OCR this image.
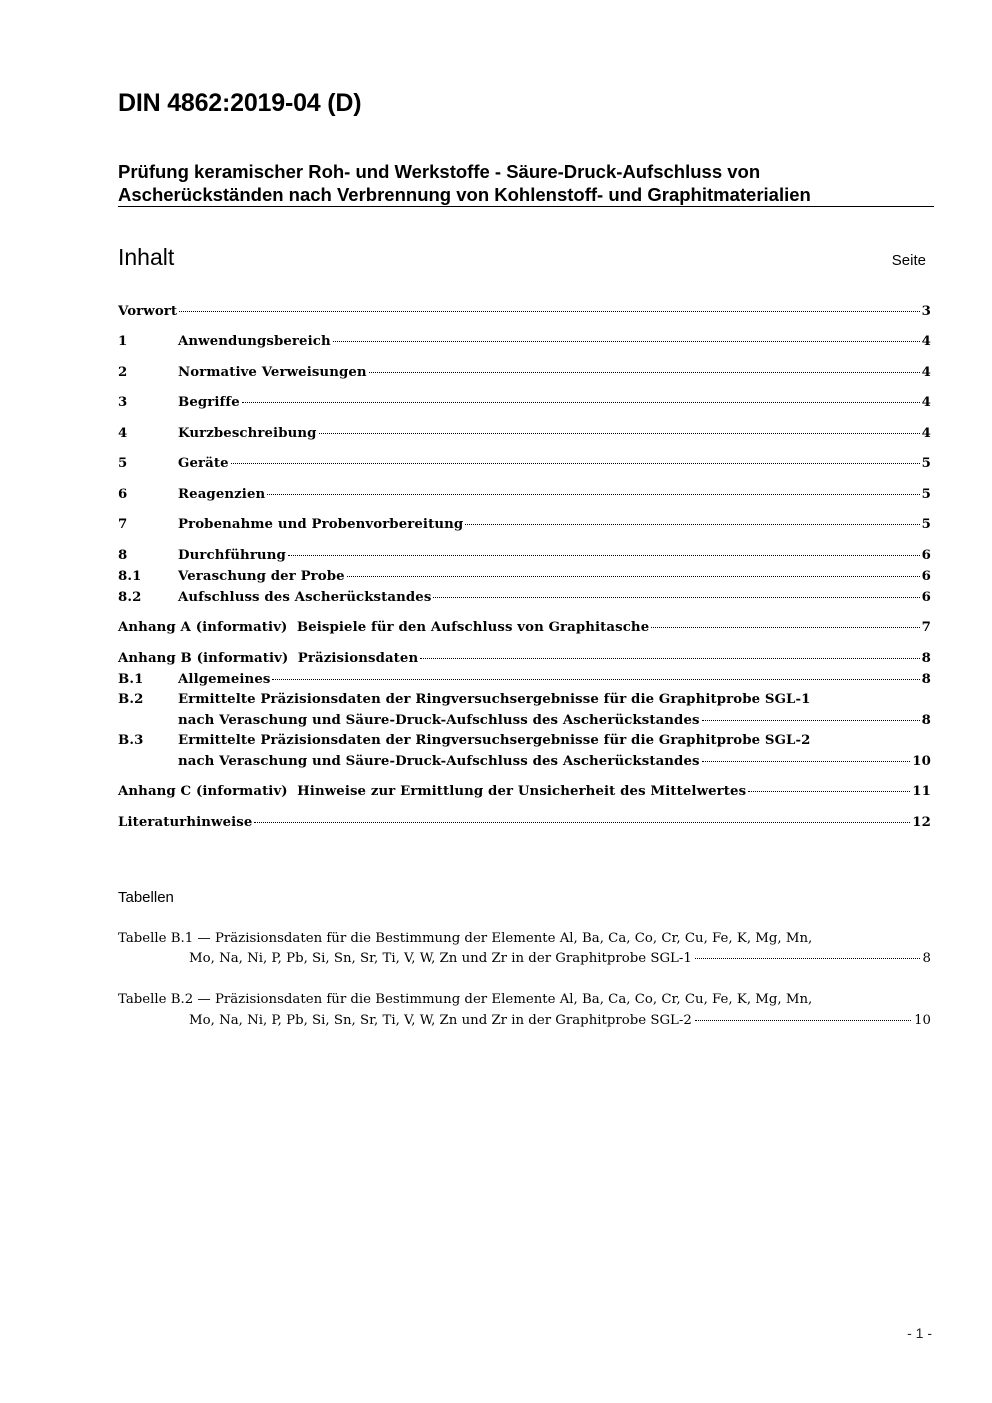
DIN 4862:2019-04 (D)
Prüfung keramischer Roh- und Werkstoffe - Säure-Druck-Aufschluss von
Ascherückständen nach Verbrennung von Kohlenstoff- und Graphitmaterialien
Inhalt	Seite
Vorwort	3
1	Anwendungsbereich	4
2	Normative Verweisungen	4
3	Begriffe	4
4	Kurzbeschreibung	4
5	Geräte	5
6	Reagenzien	5
7	Probenahme und Probenvorbereitung	5
8	Durchführung	6
8.1	Veraschung der Probe	6
8.2	Aufschluss des Ascherückstandes	6
Anhang A (informativ)  Beispiele für den Aufschluss von Graphitasche	7
Anhang B (informativ)  Präzisionsdaten	8
B.1	Allgemeines	8
B.2	Ermittelte Präzisionsdaten der Ringversuchsergebnisse für die Graphitprobe SGL-1
nach Veraschung und Säure-Druck-Aufschluss des Ascherückstandes	8
B.3	Ermittelte Präzisionsdaten der Ringversuchsergebnisse für die Graphitprobe SGL-2
nach Veraschung und Säure-Druck-Aufschluss des Ascherückstandes	10
Anhang C (informativ)  Hinweise zur Ermittlung der Unsicherheit des Mittelwertes	11
Literaturhinweise	12
Tabellen
Tabelle B.1 — Präzisionsdaten für die Bestimmung der Elemente Al, Ba, Ca, Co, Cr, Cu, Fe, K, Mg, Mn,
Mo, Na, Ni, P, Pb, Si, Sn, Sr, Ti, V, W, Zn und Zr in der Graphitprobe SGL-1	8
Tabelle B.2 — Präzisionsdaten für die Bestimmung der Elemente Al, Ba, Ca, Co, Cr, Cu, Fe, K, Mg, Mn,
Mo, Na, Ni, P, Pb, Si, Sn, Sr, Ti, V, W, Zn und Zr in der Graphitprobe SGL-2	10
- 1 -
